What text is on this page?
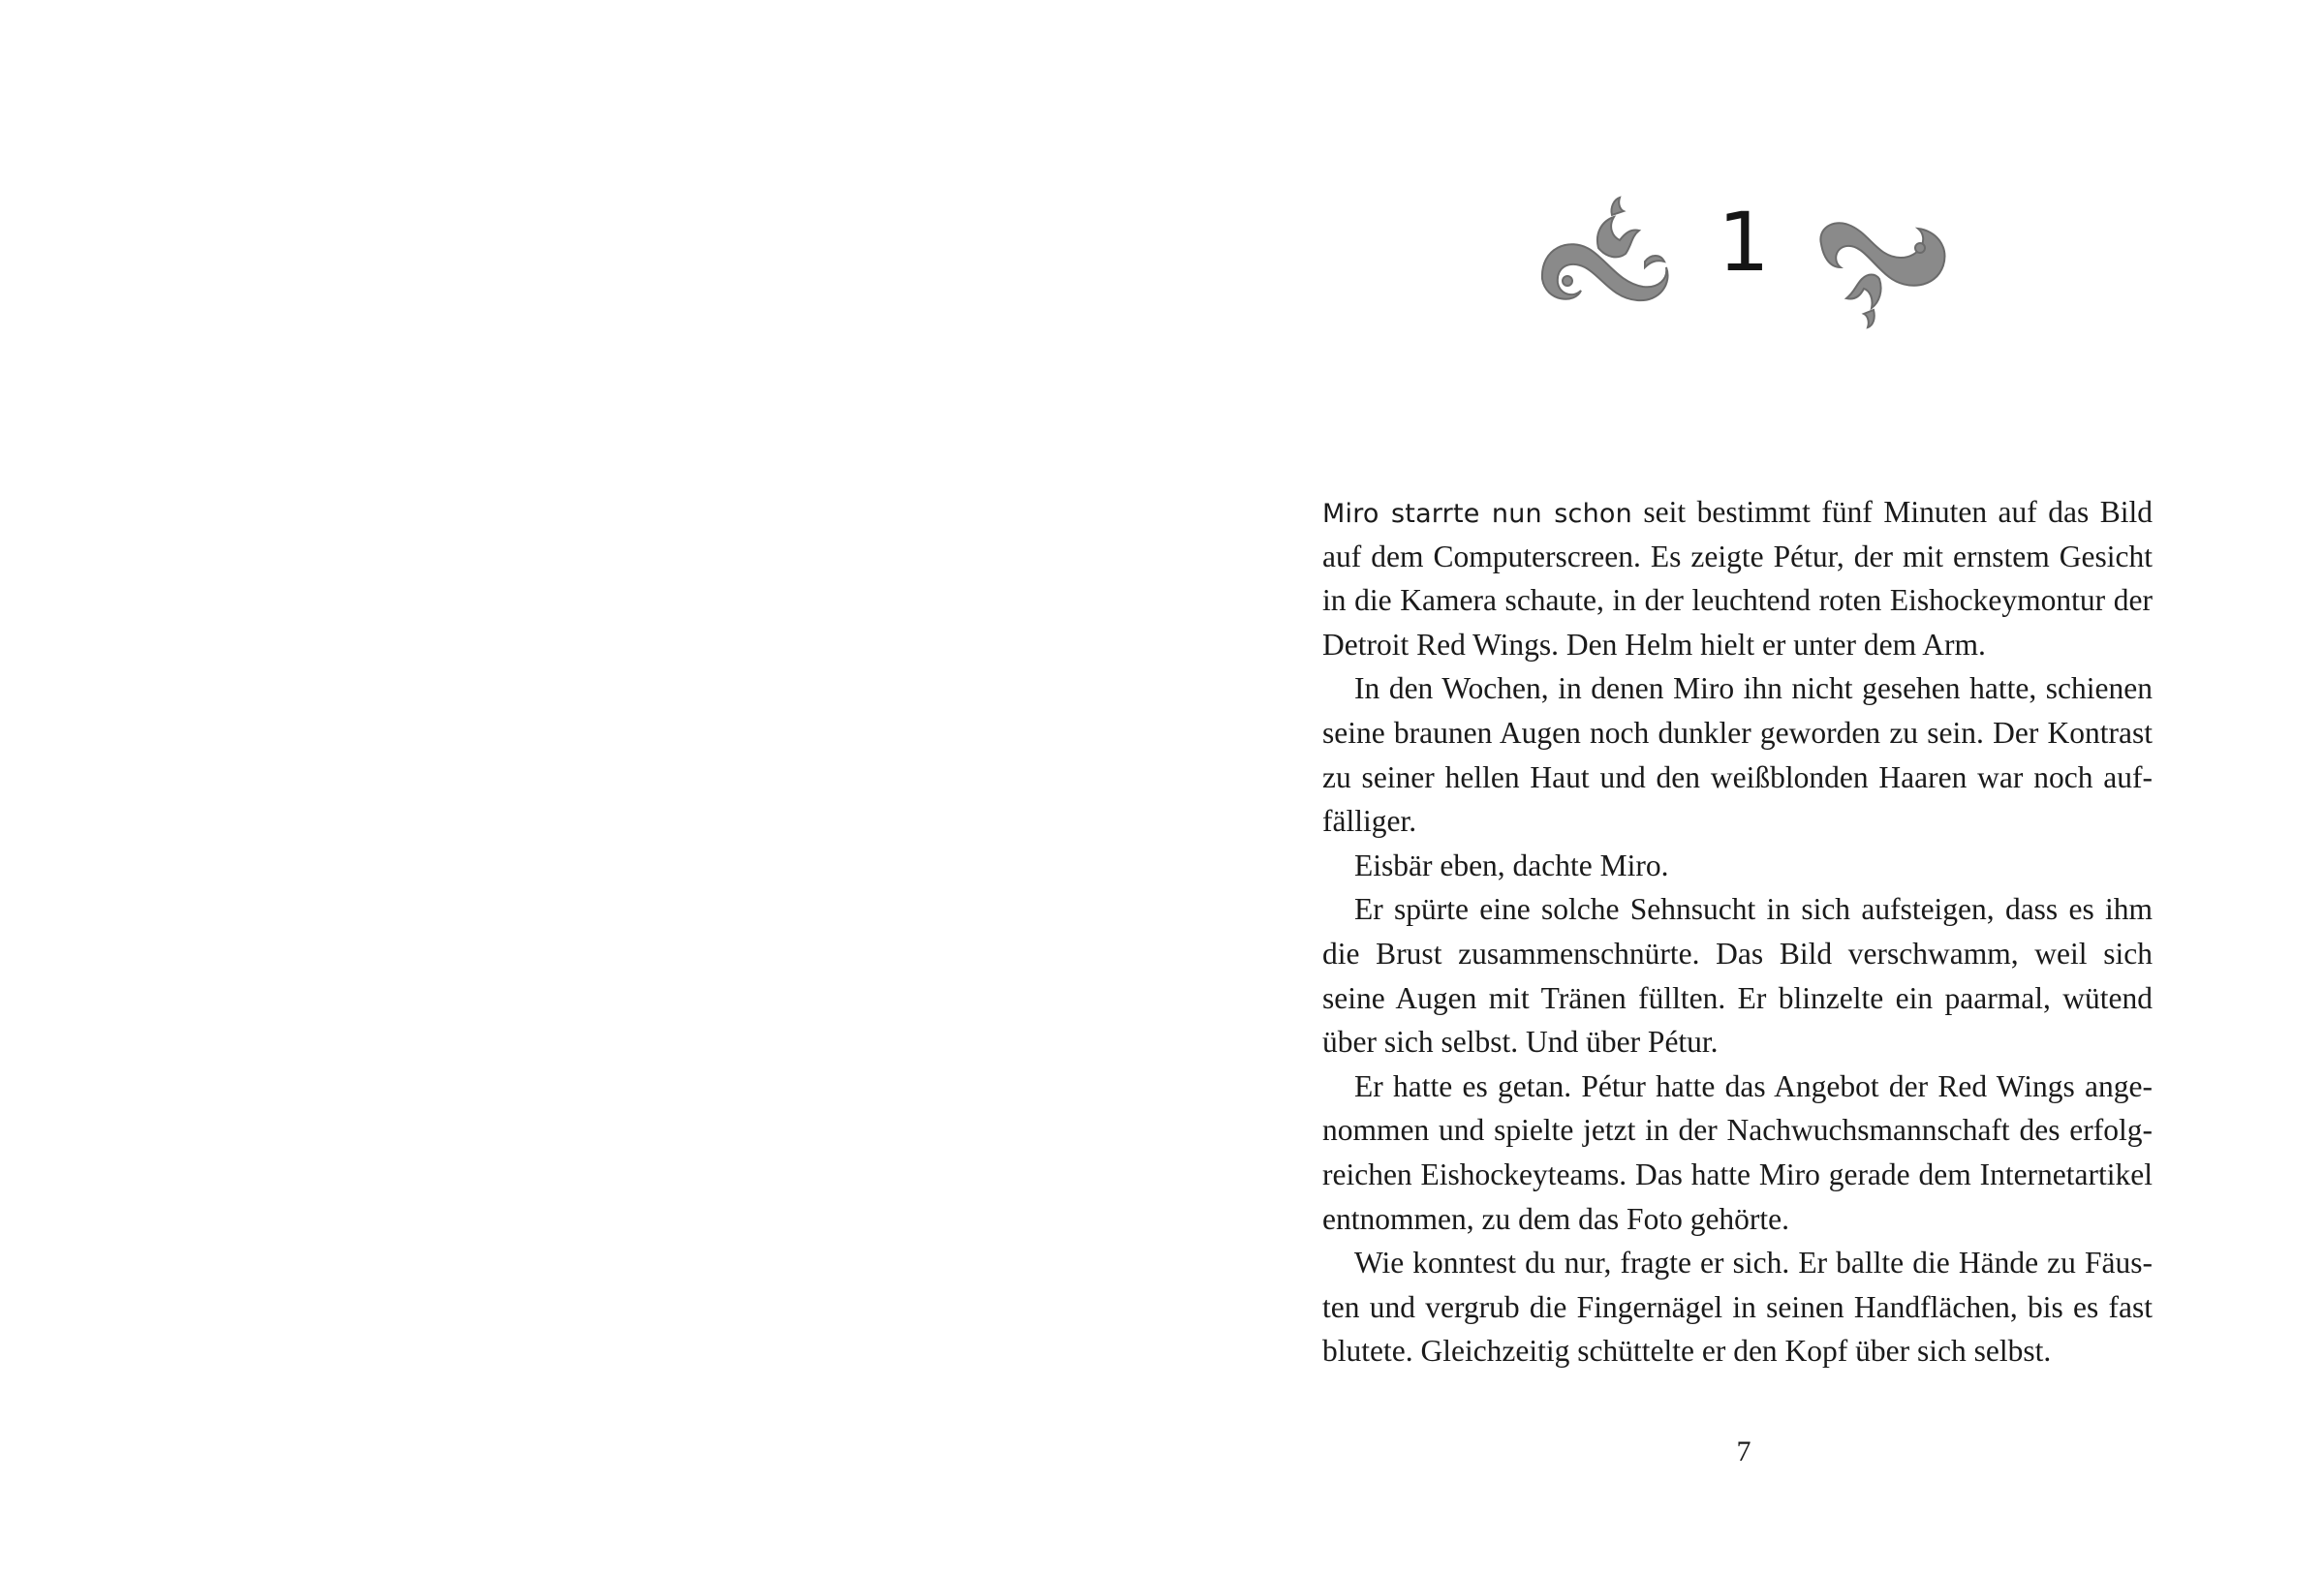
1
Miro starrte nun schon seit bestimmt fünf Minuten auf das Bild
auf dem Computerscreen. Es zeigte Pétur, der mit ernstem Gesicht
in die Kamera schaute, in der leuchtend roten Eishockeymontur der
Detroit Red Wings. Den Helm hielt er unter dem Arm.
In den Wochen, in denen Miro ihn nicht gesehen hatte, schienen
seine braunen Augen noch dunkler geworden zu sein. Der Kontrast
zu seiner hellen Haut und den weißblonden Haaren war noch auf-
fälliger.
Eisbär eben, dachte Miro.
Er spürte eine solche Sehnsucht in sich aufsteigen, dass es ihm
die Brust zusammenschnürte. Das Bild verschwamm, weil sich
seine Augen mit Tränen füllten. Er blinzelte ein paarmal, wütend
über sich selbst. Und über Pétur.
Er hatte es getan. Pétur hatte das Angebot der Red Wings ange-
nommen und spielte jetzt in der Nachwuchsmannschaft des erfolg-
reichen Eishockeyteams. Das hatte Miro gerade dem Internetartikel
entnommen, zu dem das Foto gehörte.
Wie konntest du nur, fragte er sich. Er ballte die Hände zu Fäus-
ten und vergrub die Fingernägel in seinen Handflächen, bis es fast
blutete. Gleichzeitig schüttelte er den Kopf über sich selbst.
7
